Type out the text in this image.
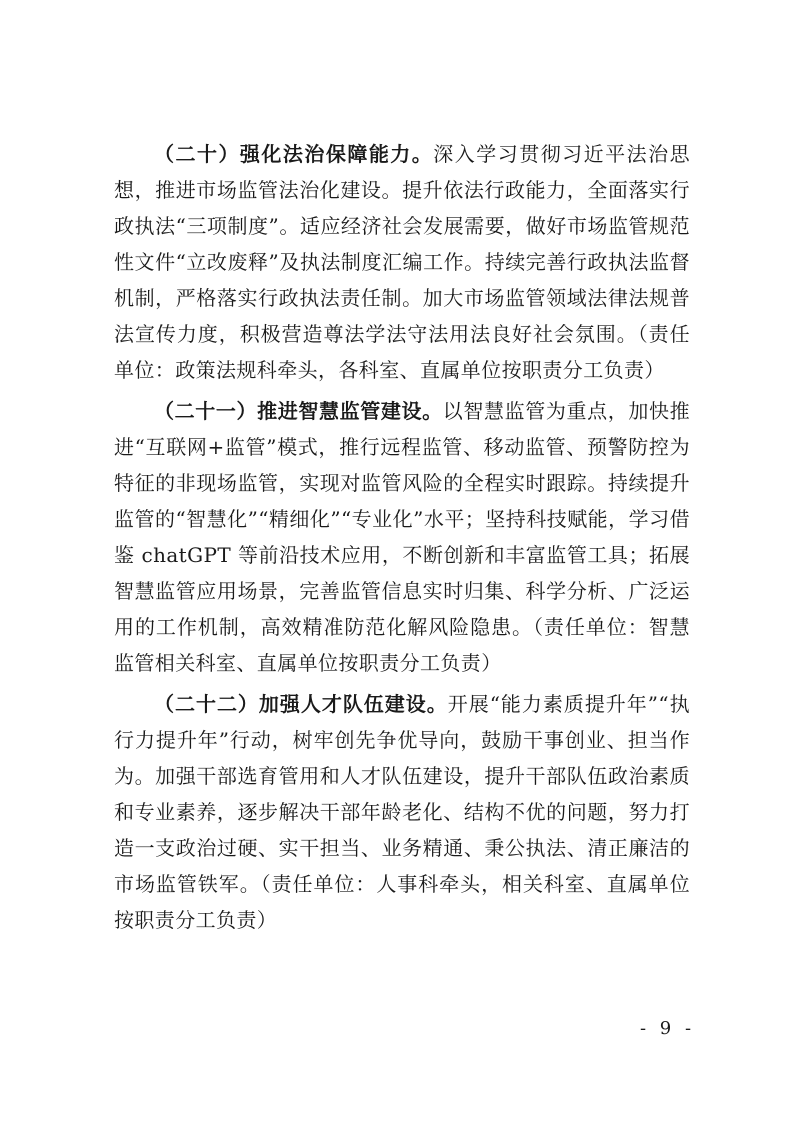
（二十）强化法治保障能力。深入学习贯彻习近平法治思想，推进市场监管法治化建设。提升依法行政能力，全面落实行政执法“三项制度”。适应经济社会发展需要，做好市场监管规范性文件“立改废释”及执法制度汇编工作。持续完善行政执法监督机制，严格落实行政执法责任制。加大市场监管领域法律法规普法宣传力度，积极营造尊法学法守法用法良好社会氛围。（责任单位：政策法规科牵头，各科室、直属单位按职责分工负责）

（二十一）推进智慧监管建设。以智慧监管为重点，加快推进“互联网+监管”模式，推行远程监管、移动监管、预警防控为特征的非现场监管，实现对监管风险的全程实时跟踪。持续提升监管的“智慧化”“精细化”“专业化”水平；坚持科技赋能，学习借鉴 chatGPT 等前沿技术应用，不断创新和丰富监管工具；拓展智慧监管应用场景，完善监管信息实时归集、科学分析、广泛运用的工作机制，高效精准防范化解风险隐患。（责任单位：智慧监管相关科室、直属单位按职责分工负责）

（二十二）加强人才队伍建设。开展“能力素质提升年”“执行力提升年”行动，树牢创先争优导向，鼓励干事创业、担当作为。加强干部选育管用和人才队伍建设，提升干部队伍政治素质和专业素养，逐步解决干部年龄老化、结构不优的问题，努力打造一支政治过硬、实干担当、业务精通、秉公执法、清正廉洁的市场监管铁军。（责任单位：人事科牵头，相关科室、直属单位按职责分工负责）

- 9 -
